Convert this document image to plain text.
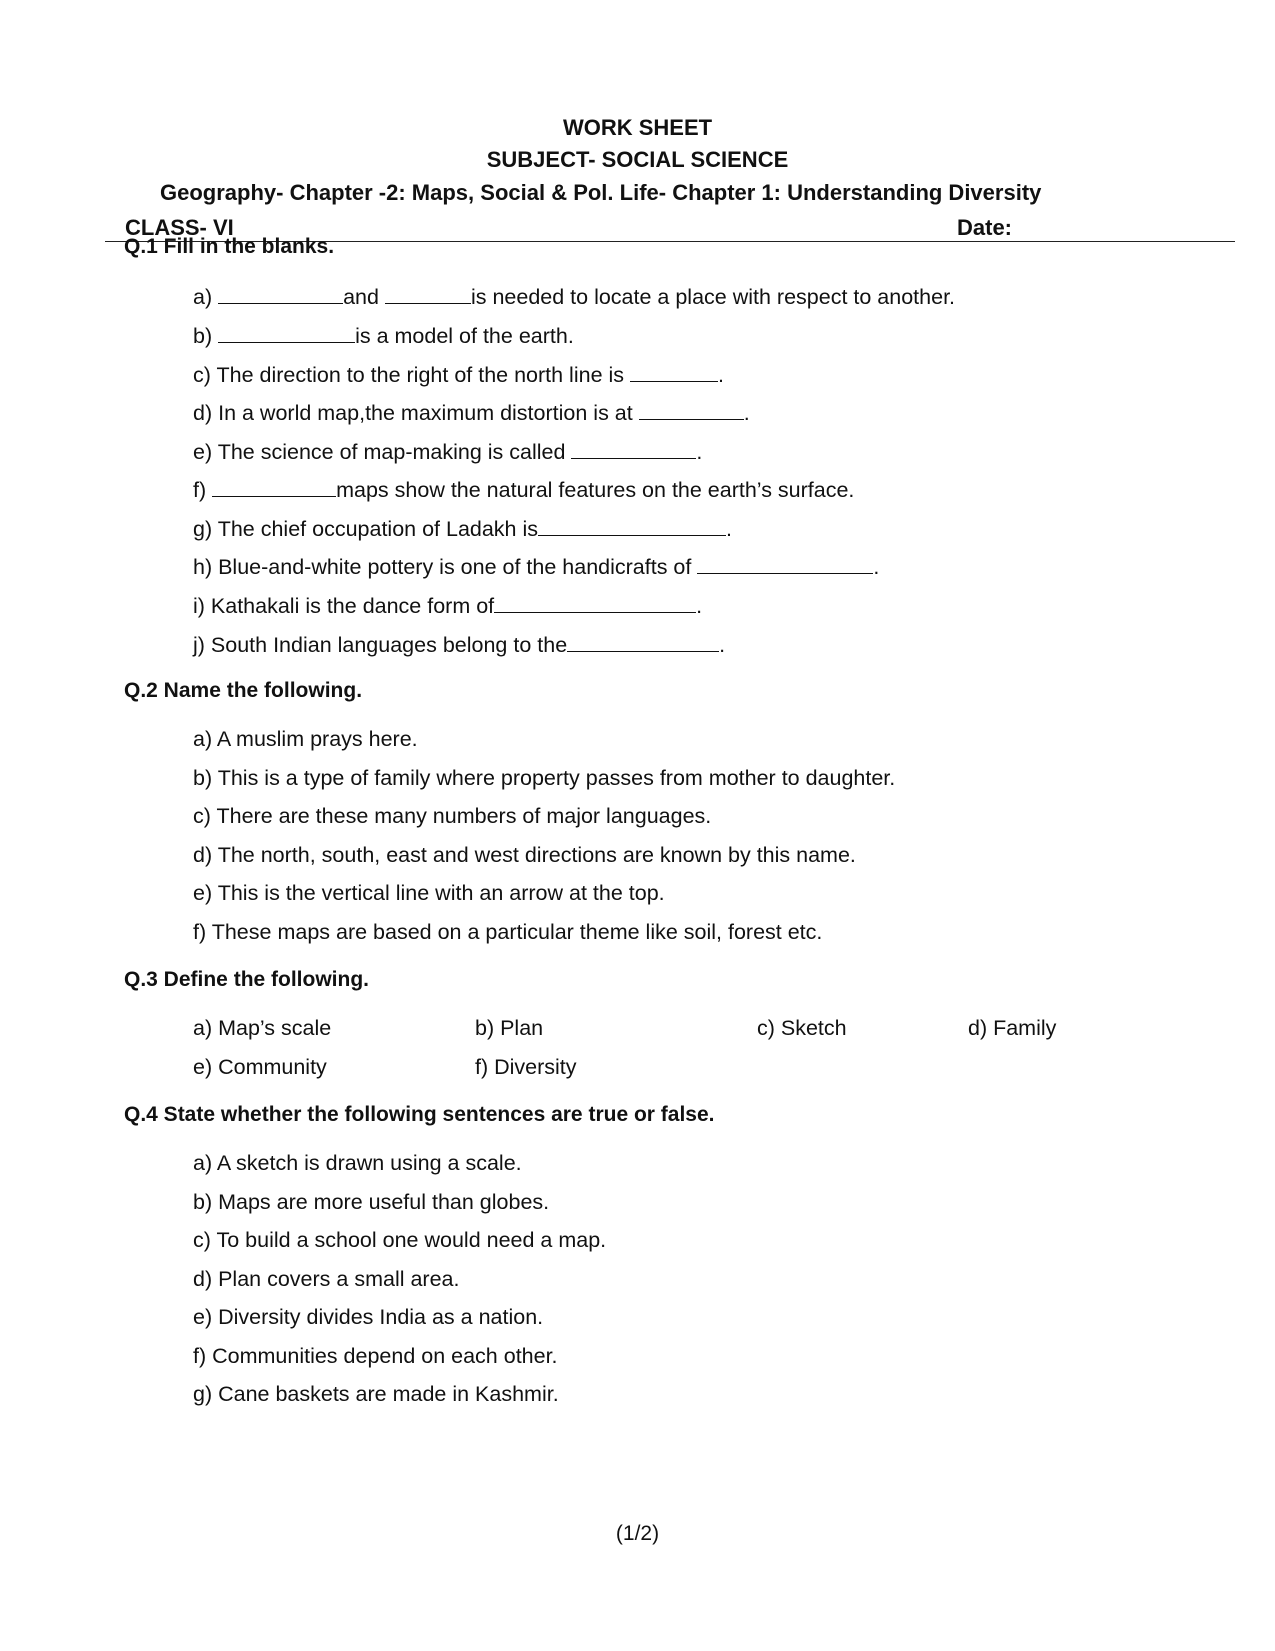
WORK SHEET
SUBJECT- SOCIAL SCIENCE
Geography- Chapter -2: Maps, Social & Pol. Life- Chapter 1: Understanding Diversity
CLASS- VI	Date:
Q.1 Fill in the blanks.
a)	and	is needed to locate a place with respect to another.
b)	is a model of the earth.
c) The direction to the right of the north line is	.
d) In a world map,the maximum distortion is at	.
e) The science of map-making is called	.
f)	maps show the natural features on the earth’s surface.
g) The chief occupation of Ladakh is	.
h) Blue-and-white pottery is one of the handicrafts of	.
i) Kathakali is the dance form of	.
j) South Indian languages belong to the	.
Q.2 Name the following.
a) A muslim prays here.
b) This is a type of family where property passes from mother to daughter.
c) There are these many numbers of major languages.
d) The north, south, east and west directions are known by this name.
e) This is the vertical line with an arrow at the top.
f) These maps are based on a particular theme like soil, forest etc.
Q.3 Define the following.
a) Map’s scale	b) Plan	c) Sketch	d) Family
e) Community	f) Diversity
Q.4 State whether the following sentences are true or false.
a) A sketch is drawn using a scale.
b) Maps are more useful than globes.
c) To build a school one would need a map.
d) Plan covers a small area.
e) Diversity divides India as a nation.
f) Communities depend on each other.
g) Cane baskets are made in Kashmir.
(1/2)
